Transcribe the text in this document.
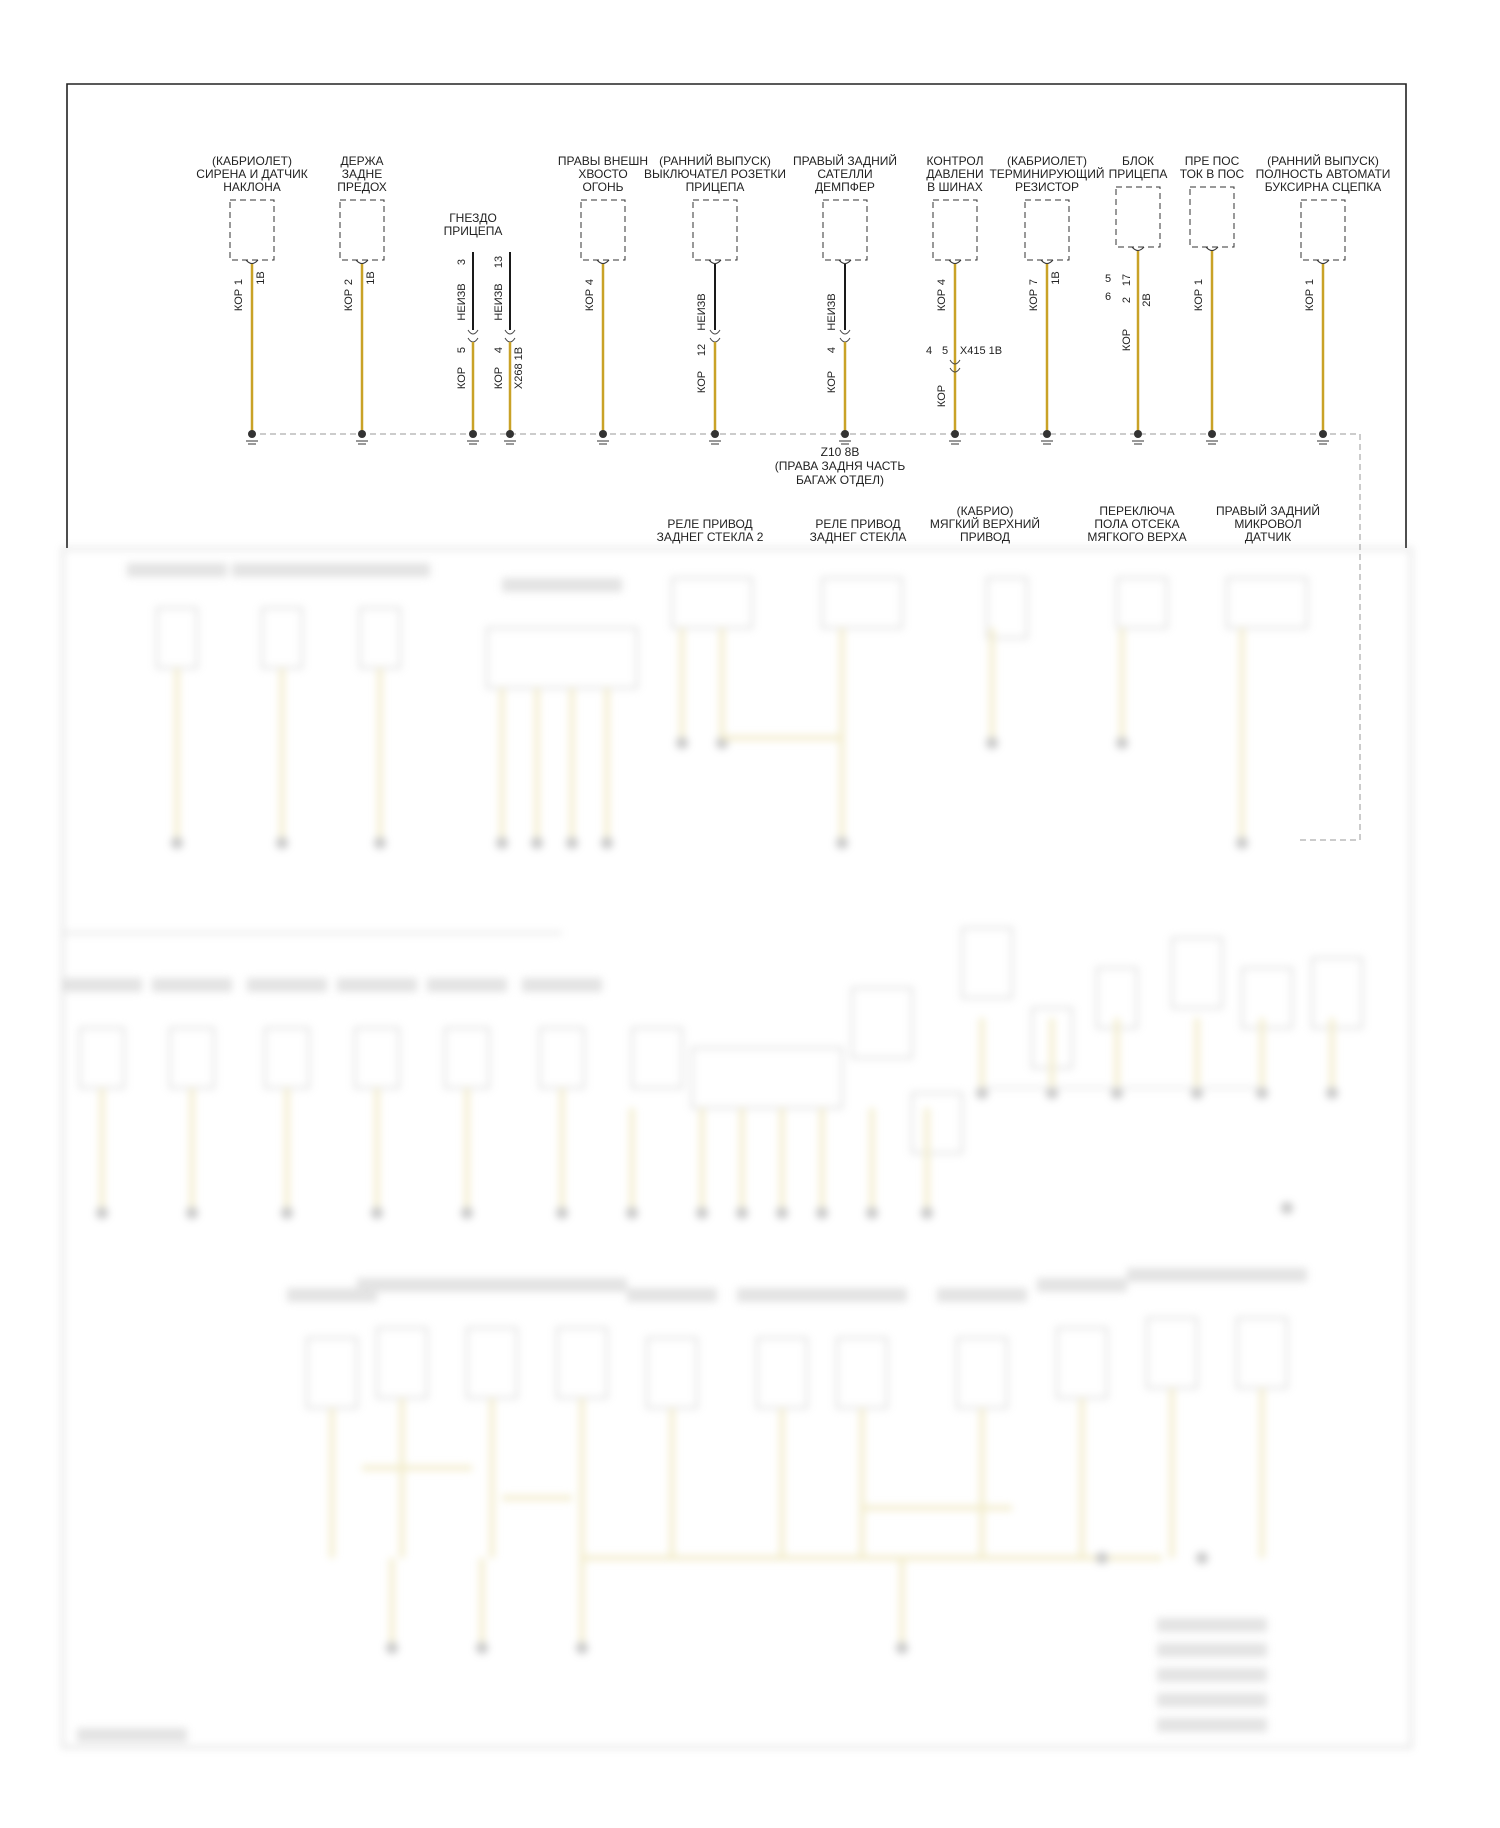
(КАБРИОЛЕТ)
СИРЕНА И ДАТЧИК
НАКЛОНА
1 1B
КОР
ДЕРЖА
ЗАДНЕ
ПРЕДОХ
2 1B
КОР
ГНЕЗДО
ПРИЦЕПА
3
НЕИЗВ
5
КОР
13
НЕИЗВ
4
КОР X268 1B
ПРАВЫ ВНЕШН
ХВОСТО
ОГОНЬ
4
КОР
(РАННИЙ ВЫПУСК)
ВЫКЛЮЧАТЕЛ РОЗЕТКИ
ПРИЦЕПА
НЕИЗВ
12
КОР
ПРАВЫЙ ЗАДНИЙ
САТЕЛЛИ
ДЕМПФЕР
НЕИЗВ
4
КОР
КОНТРОЛ
ДАВЛЕНИ
В ШИНАХ
4
КОР
4 5 X415 1B
КОР
(КАБРИОЛЕТ)
ТЕРМИНИРУЮЩИЙ
РЕЗИСТОР
7 1B
КОР
БЛОК
ПРИЦЕПА
5
6
17
2 2B
КОР
ПРЕ ПОС
ТОК В ПОС
1
КОР
(РАННИЙ ВЫПУСК)
ПОЛНОСТЬ АВТОМАТИ
БУКСИРНА СЦЕПКА
1
КОР
РЕЛЕ ПРИВОД
ЗАДНЕГ СТЕКЛА 2
РЕЛЕ ПРИВОД
ЗАДНЕГ СТЕКЛА
(КАБРИО)
МЯГКИЙ ВЕРХНИЙ
ПРИВОД
ПЕРЕКЛЮЧА
ПОЛА ОТСЕКА
МЯГКОГО ВЕРХА
ПРАВЫЙ ЗАДНИЙ
МИКРОВОЛ
ДАТЧИК
Z10 8B
(ПРАВА ЗАДНЯ ЧАСТЬ
БАГАЖ ОТДЕЛ)
